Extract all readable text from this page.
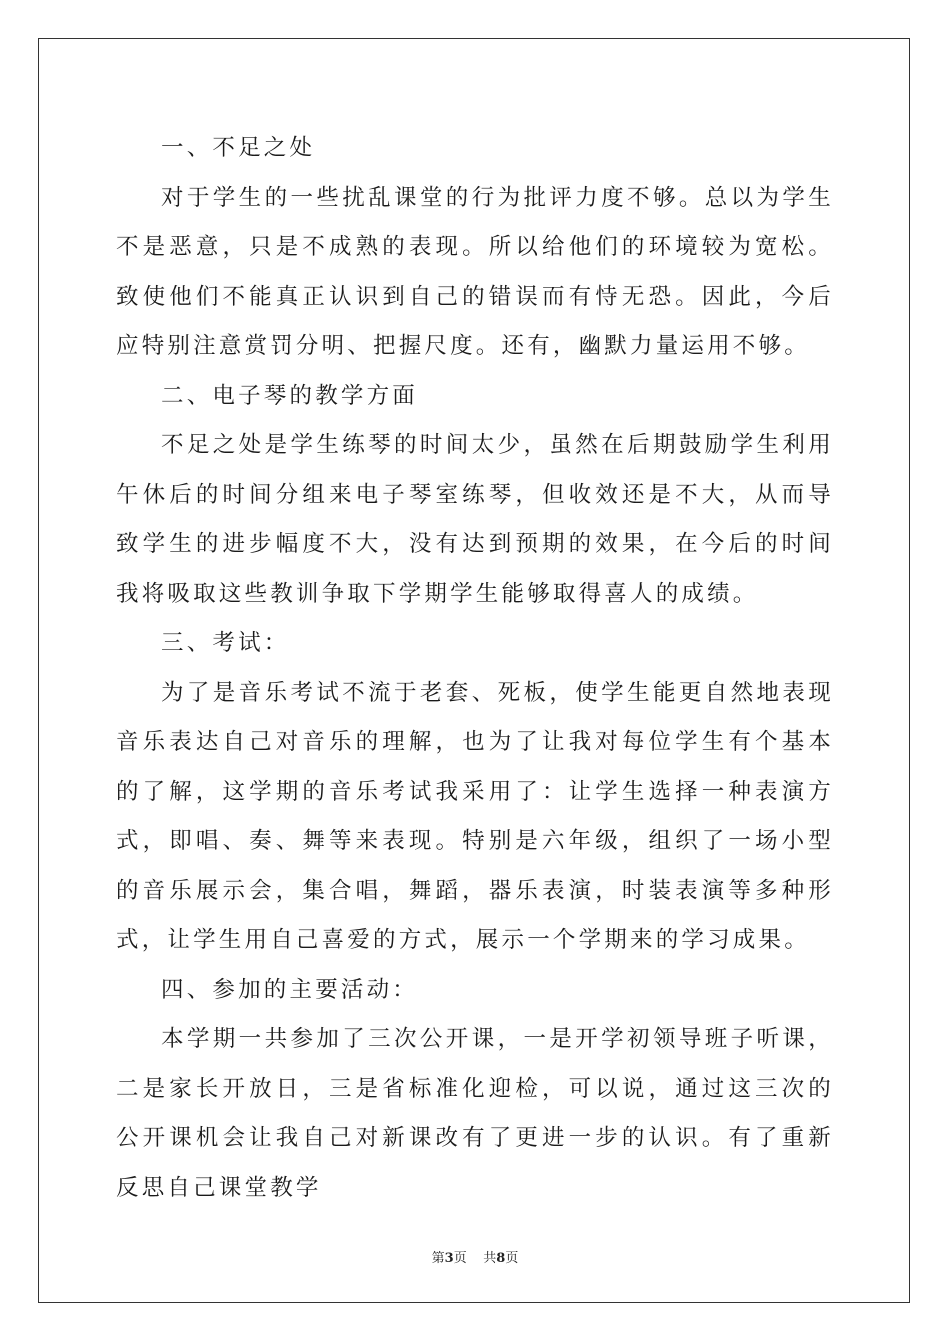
一、不足之处

对于学生的一些扰乱课堂的行为批评力度不够。总以为学生不是恶意，只是不成熟的表现。所以给他们的环境较为宽松。致使他们不能真正认识到自己的错误而有恃无恐。因此，今后应特别注意赏罚分明、把握尺度。还有，幽默力量运用不够。

二、电子琴的教学方面

不足之处是学生练琴的时间太少，虽然在后期鼓励学生利用午休后的时间分组来电子琴室练琴，但收效还是不大，从而导致学生的进步幅度不大，没有达到预期的效果，在今后的时间我将吸取这些教训争取下学期学生能够取得喜人的成绩。

三、考试：

为了是音乐考试不流于老套、死板，使学生能更自然地表现音乐表达自己对音乐的理解，也为了让我对每位学生有个基本的了解，这学期的音乐考试我采用了：让学生选择一种表演方式，即唱、奏、舞等来表现。特别是六年级，组织了一场小型的音乐展示会，集合唱，舞蹈，器乐表演，时装表演等多种形式，让学生用自己喜爱的方式，展示一个学期来的学习成果。

四、参加的主要活动：

本学期一共参加了三次公开课，一是开学初领导班子听课，二是家长开放日，三是省标准化迎检，可以说，通过这三次的公开课机会让我自己对新课改有了更进一步的认识。有了重新反思自己课堂教学

第3页 共8页
